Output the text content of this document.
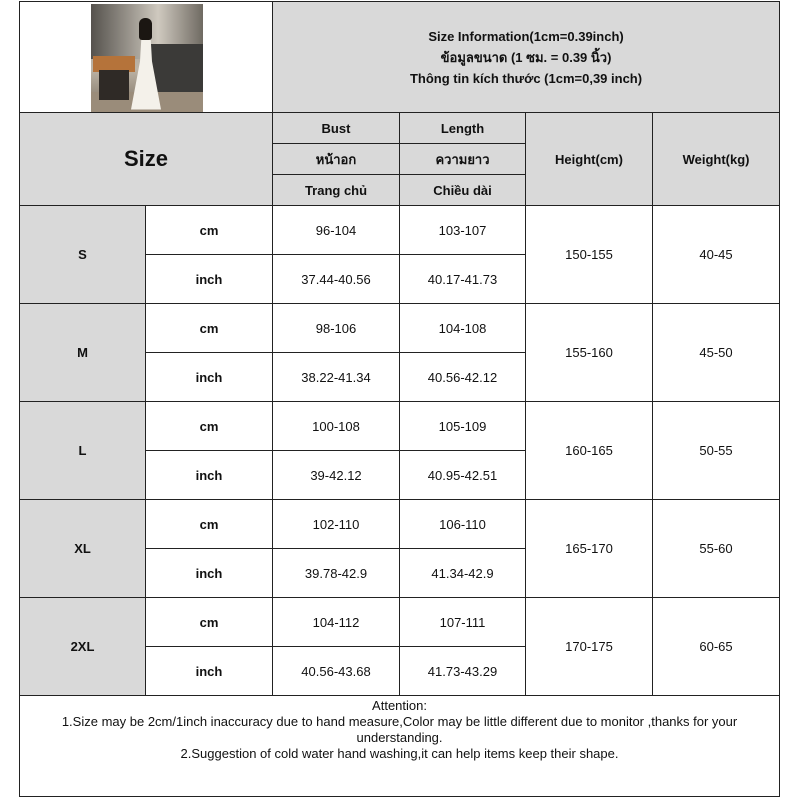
		Size Information(1cm=0.39inch)
ข้อมูลขนาด (1 ซม. = 0.39 นิ้ว)
Thông tin kích thước (1cm=0,39 inch)			

Size		Bust	Length	Height(cm)	Weight(kg)
		หน้าอก	ความยาว		
		Trang chủ	Chiều dài		
S	cm	96-104	103-107	150-155	40-45
	inch	37.44-40.56	40.17-41.73		
M	cm	98-106	104-108	155-160	45-50
	inch	38.22-41.34	40.56-42.12		
L	cm	100-108	105-109	160-165	50-55
	inch	39-42.12	40.95-42.51		
XL	cm	102-110	106-110	165-170	55-60
	inch	39.78-42.9	41.34-42.9		
2XL	cm	104-112	107-111	170-175	60-65
	inch	40.56-43.68	41.73-43.29		

Attention:
1.Size may be 2cm/1inch inaccuracy due to hand measure,Color may be little different due to monitor ,thanks for your
understanding.
2.Suggestion of cold water hand washing,it can help items keep their shape.					
